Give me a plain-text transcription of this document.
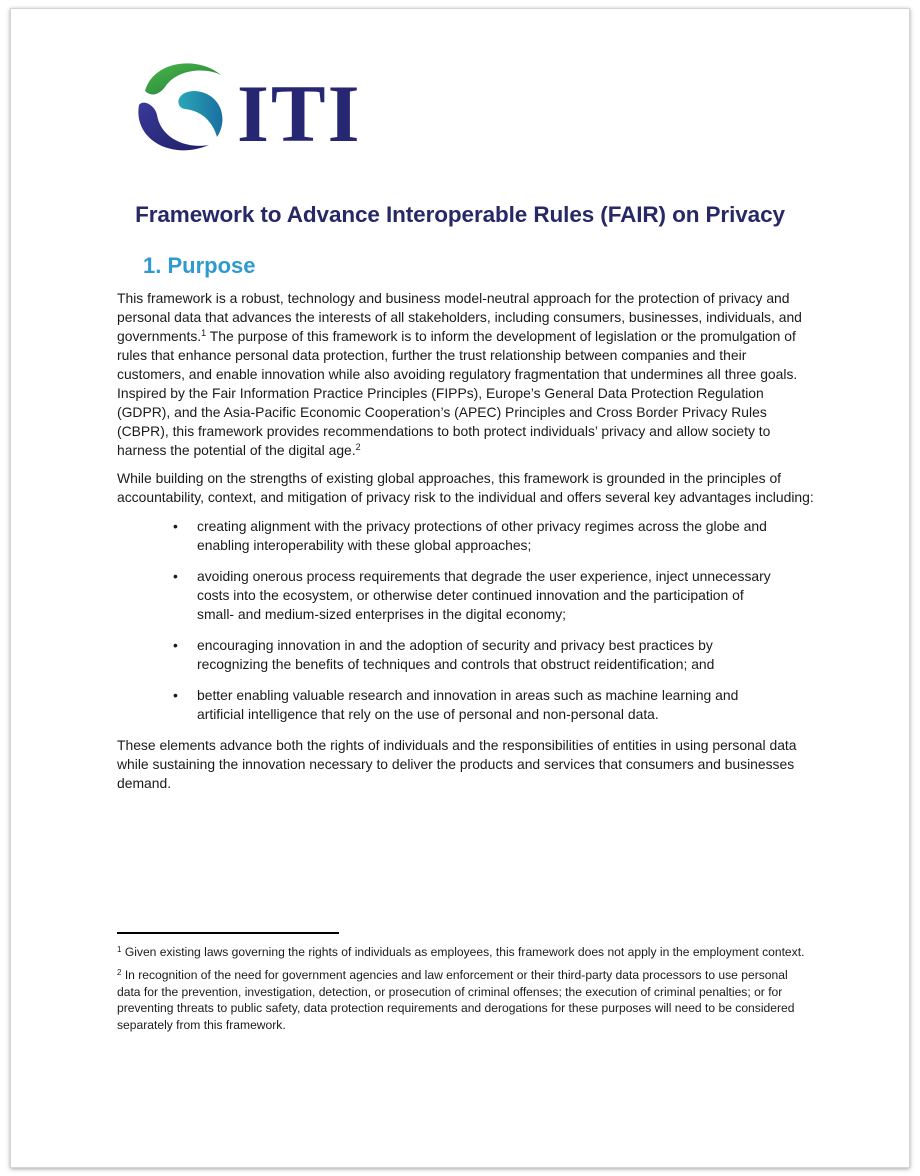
ITI
Framework to Advance Interoperable Rules (FAIR) on Privacy
1. Purpose

This framework is a robust, technology and business model-neutral approach for the protection of privacy and personal data that advances the interests of all stakeholders, including consumers, businesses, individuals, and governments.$^1$ The purpose of this framework is to inform the development of legislation or the promulgation of rules that enhance personal data protection, further the trust relationship between companies and their customers, and enable innovation while also avoiding regulatory fragmentation that undermines all three goals. Inspired by the Fair Information Practice Principles (FIPPs), Europe’s General Data Protection Regulation (GDPR), and the Asia-Pacific Economic Cooperation’s (APEC) Principles and Cross Border Privacy Rules (CBPR), this framework provides recommendations to both protect individuals’ privacy and allow society to harness the potential of the digital age.$^2$

While building on the strengths of existing global approaches, this framework is grounded in the principles of accountability, context, and mitigation of privacy risk to the individual and offers several key advantages including:

• creating alignment with the privacy protections of other privacy regimes across the globe and enabling interoperability with these global approaches;
• avoiding onerous process requirements that degrade the user experience, inject unnecessary costs into the ecosystem, or otherwise deter continued innovation and the participation of small- and medium-sized enterprises in the digital economy;
• encouraging innovation in and the adoption of security and privacy best practices by recognizing the benefits of techniques and controls that obstruct reidentification; and
• better enabling valuable research and innovation in areas such as machine learning and artificial intelligence that rely on the use of personal and non-personal data.

These elements advance both the rights of individuals and the responsibilities of entities in using personal data while sustaining the innovation necessary to deliver the products and services that consumers and businesses demand.

$^1$ Given existing laws governing the rights of individuals as employees, this framework does not apply in the employment context.

$^2$ In recognition of the need for government agencies and law enforcement or their third-party data processors to use personal data for the prevention, investigation, detection, or prosecution of criminal offenses; the execution of criminal penalties; or for preventing threats to public safety, data protection requirements and derogations for these purposes will need to be considered separately from this framework.
